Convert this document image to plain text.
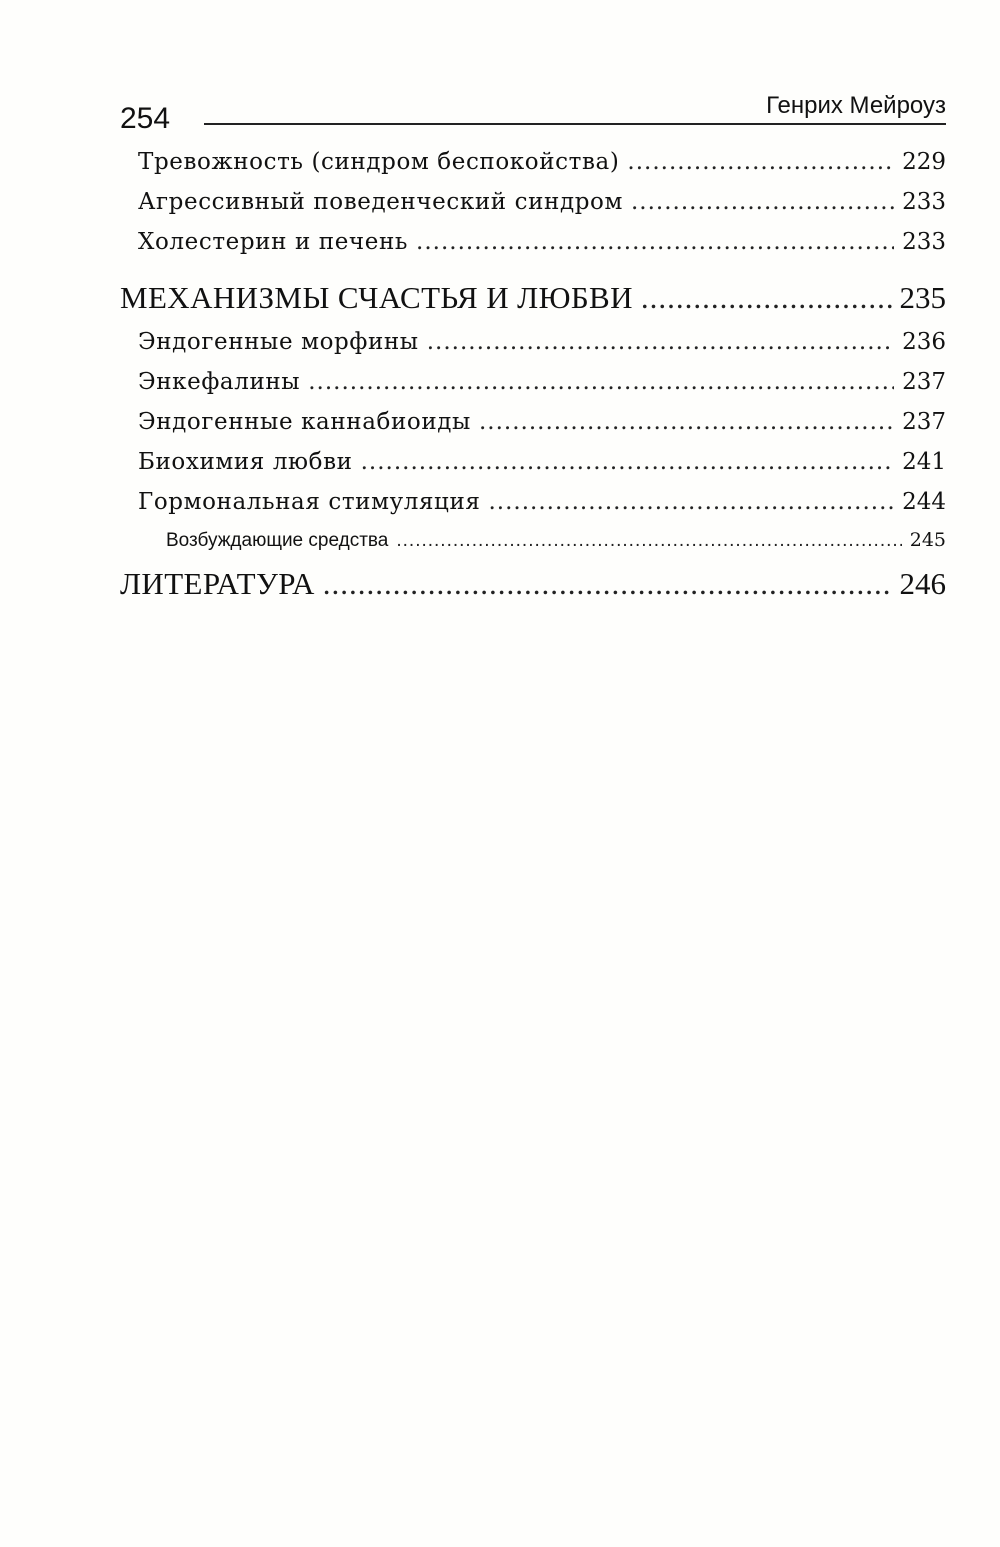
254	Генрих Мейроуз
Тревожность (синдром беспокойства) .....	229
Агрессивный поведенческий синдром .....	233
Холестерин и печень .....	233
МЕХАНИЗМЫ СЧАСТЬЯ И ЛЮБВИ .....	235
Эндогенные морфины .....	236
Энкефалины .....	237
Эндогенные каннабиоиды .....	237
Биохимия любви .....	241
Гормональная стимуляция .....	244
Возбуждающие средства .....	245
ЛИТЕРАТУРА .....	246
